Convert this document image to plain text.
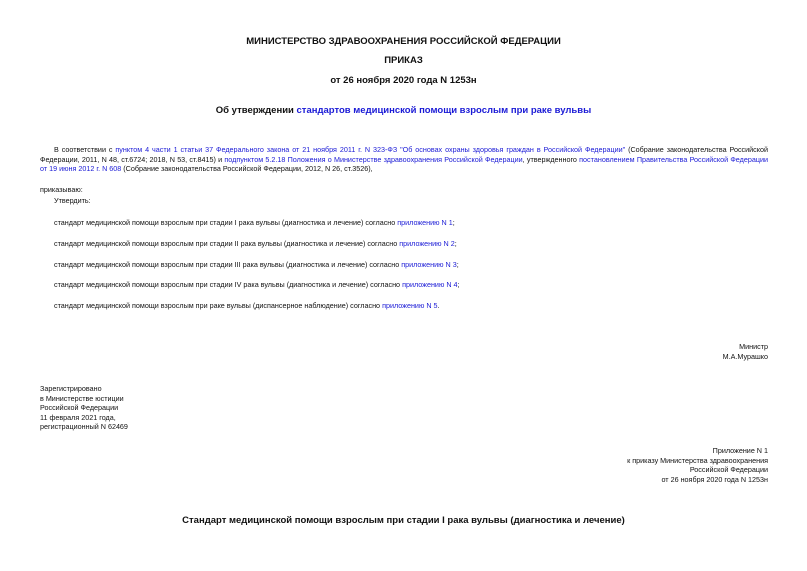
МИНИСТЕРСТВО ЗДРАВООХРАНЕНИЯ РОССИЙСКОЙ ФЕДЕРАЦИИ
ПРИКАЗ
от 26 ноября 2020 года N 1253н
Об утверждении стандартов медицинской помощи взрослым при раке вульвы
В соответствии с пунктом 4 части 1 статьи 37 Федерального закона от 21 ноября 2011 г. N 323-ФЗ "Об основах охраны здоровья граждан в Российской Федерации" (Собрание законодательства Российской Федерации, 2011, N 48, ст.6724; 2018, N 53, ст.8415) и подпунктом 5.2.18 Положения о Министерстве здравоохранения Российской Федерации, утвержденного постановлением Правительства Российской Федерации от 19 июня 2012 г. N 608 (Собрание законодательства Российской Федерации, 2012, N 26, ст.3526),
приказываю:
Утвердить:
стандарт медицинской помощи взрослым при стадии I рака вульвы (диагностика и лечение) согласно приложению N 1;
стандарт медицинской помощи взрослым при стадии II рака вульвы (диагностика и лечение) согласно приложению N 2;
стандарт медицинской помощи взрослым при стадии III рака вульвы (диагностика и лечение) согласно приложению N 3;
стандарт медицинской помощи взрослым при стадии IV рака вульвы (диагностика и лечение) согласно приложению N 4;
стандарт медицинской помощи взрослым при раке вульвы (диспансерное наблюдение) согласно приложению N 5.
Министр
М.А.Мурашко
Зарегистрировано
в Министерстве юстиции
Российской Федерации
11 февраля 2021 года,
регистрационный N 62469
Приложение N 1
к приказу Министерства здравоохранения
Российской Федерации
от 26 ноября 2020 года N 1253н
Стандарт медицинской помощи взрослым при стадии I рака вульвы (диагностика и лечение)
